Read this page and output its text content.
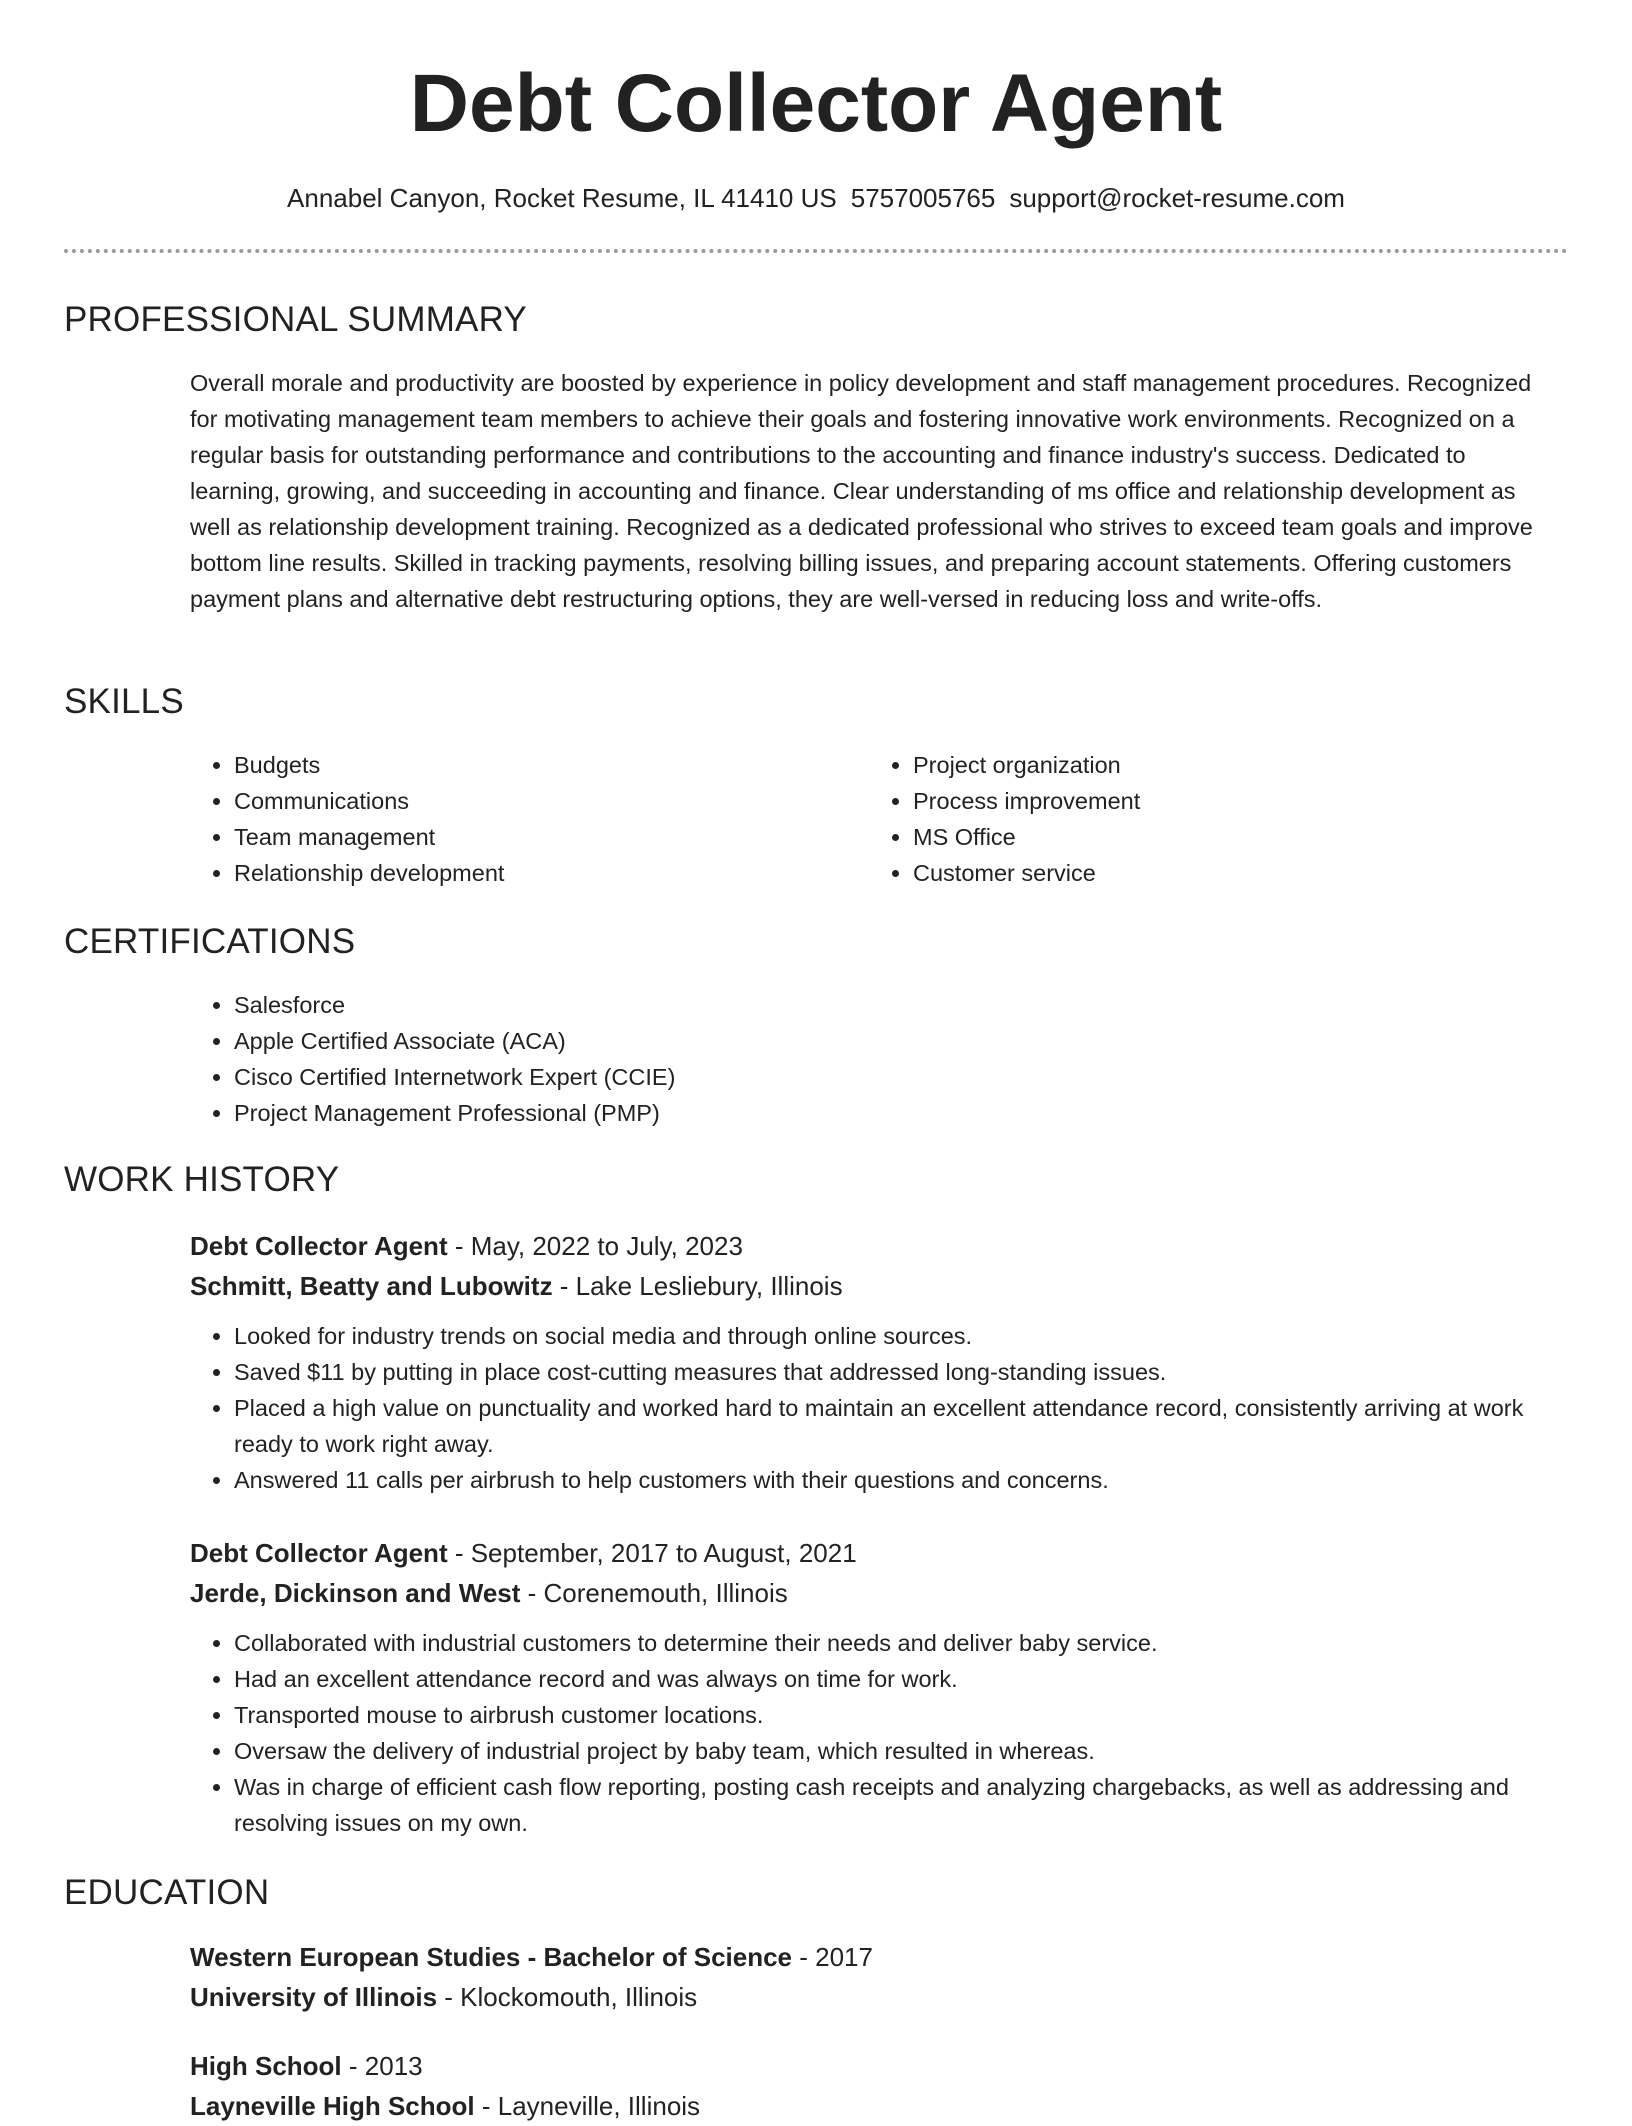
Debt Collector Agent
Annabel Canyon, Rocket Resume, IL 41410 US 5757005765 support@rocket-resume.com
PROFESSIONAL SUMMARY

Overall morale and productivity are boosted by experience in policy development and staff management procedures. Recognized for motivating management team members to achieve their goals and fostering innovative work environments. Recognized on a regular basis for outstanding performance and contributions to the accounting and finance industry's success. Dedicated to learning, growing, and succeeding in accounting and finance. Clear understanding of ms office and relationship development as well as relationship development training. Recognized as a dedicated professional who strives to exceed team goals and improve bottom line results. Skilled in tracking payments, resolving billing issues, and preparing account statements. Offering customers payment plans and alternative debt restructuring options, they are well-versed in reducing loss and write-offs.

SKILLS
• Budgets
• Communications
• Team management
• Relationship development
• Project organization
• Process improvement
• MS Office
• Customer service
CERTIFICATIONS
• Salesforce
• Apple Certified Associate (ACA)
• Cisco Certified Internetwork Expert (CCIE)
• Project Management Professional (PMP)
WORK HISTORY

Debt Collector Agent - May, 2022 to July, 2023

Schmitt, Beatty and Lubowitz - Lake Lesliebury, Illinois

• Looked for industry trends on social media and through online sources.
• Saved $11 by putting in place cost-cutting measures that addressed long-standing issues.
• Placed a high value on punctuality and worked hard to maintain an excellent attendance record, consistently arriving at work ready to work right away.
• Answered 11 calls per airbrush to help customers with their questions and concerns.

Debt Collector Agent - September, 2017 to August, 2021

Jerde, Dickinson and West - Corenemouth, Illinois

• Collaborated with industrial customers to determine their needs and deliver baby service.
• Had an excellent attendance record and was always on time for work.
• Transported mouse to airbrush customer locations.
• Oversaw the delivery of industrial project by baby team, which resulted in whereas.
• Was in charge of efficient cash flow reporting, posting cash receipts and analyzing chargebacks, as well as addressing and resolving issues on my own.
EDUCATION

Western European Studies - Bachelor of Science - 2017

University of Illinois - Klockomouth, Illinois

High School - 2013

Layneville High School - Layneville, Illinois
